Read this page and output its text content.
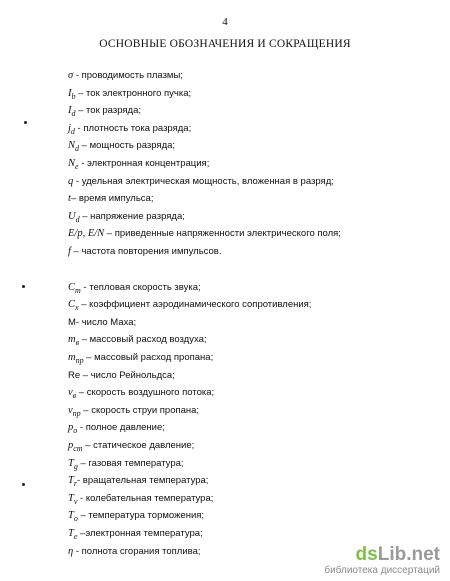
4
ОСНОВНЫЕ ОБОЗНАЧЕНИЯ И СОКРАЩЕНИЯ
σ - проводимость плазмы;
$I_b$ – ток электронного пучка;
$I_d$ – ток разряда;
$j_d$ - плотность тока разряда;
$N_d$ – мощность разряда;
$N_e$ - электронная концентрация;
q - удельная электрическая мощность, вложенная в разряд;
t– время импульса;
$U_d$ – напряжение разряда;
E/p, E/N – приведенные напряженности электрического поля;
f – частота повторения импульсов.
$C_m$ - тепловая скорость звука;
$C_x$ – коэффициент аэродинамического сопротивления;
М- число Маха;
$m_в$ – массовый расход воздуха;
$m_{пр}$ – массовый расход пропана;
Re – число Рейнольдса;
$v_в$ – скорость воздушного потока;
$v_{пр}$ – скорость струи пропана;
$p_o$ - полное давление;
$p_{ст}$ – статическое давление;
$T_g$ – газовая температура;
$T_r-$ вращательная температура;
$T_v$ - колебательная температура;
$T_o$ – температура торможения;
$T_e$ –электронная температура;
η - полнота сгорания топлива;	dsLib.net
библиотека диссертаций
